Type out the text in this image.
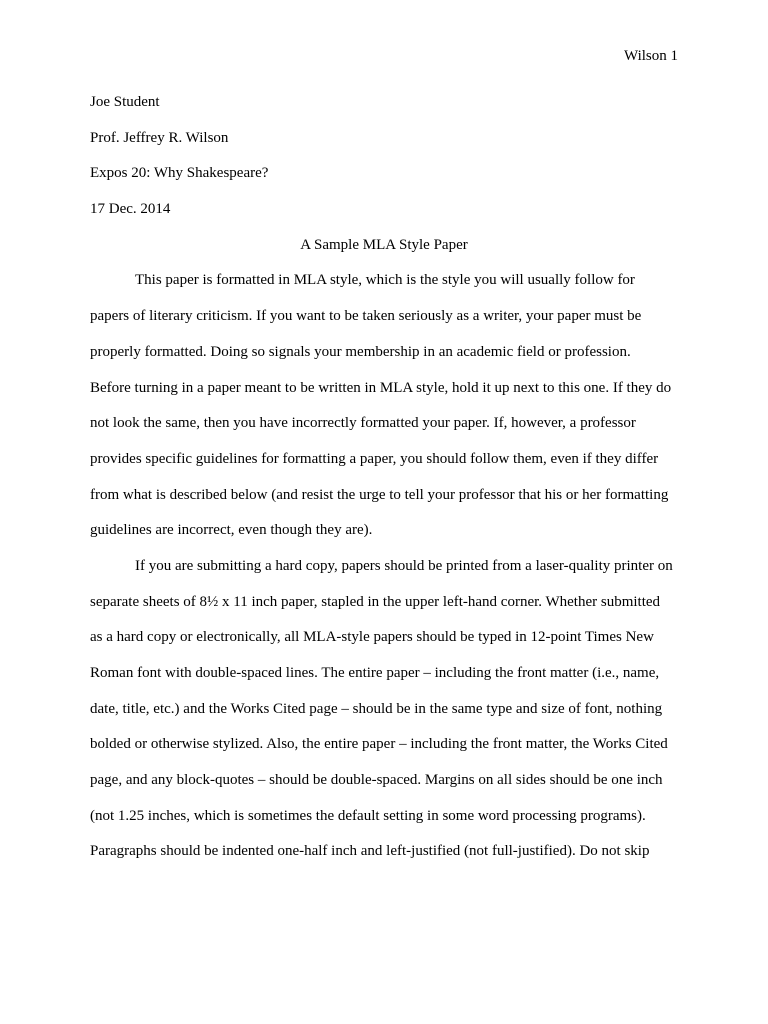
Wilson 1
Joe Student
Prof. Jeffrey R. Wilson
Expos 20: Why Shakespeare?
17 Dec. 2014
A Sample MLA Style Paper
This paper is formatted in MLA style, which is the style you will usually follow for
papers of literary criticism. If you want to be taken seriously as a writer, your paper must be
properly formatted. Doing so signals your membership in an academic field or profession.
Before turning in a paper meant to be written in MLA style, hold it up next to this one. If they do
not look the same, then you have incorrectly formatted your paper. If, however, a professor
provides specific guidelines for formatting a paper, you should follow them, even if they differ
from what is described below (and resist the urge to tell your professor that his or her formatting
guidelines are incorrect, even though they are).
If you are submitting a hard copy, papers should be printed from a laser-quality printer on
separate sheets of 8½ x 11 inch paper, stapled in the upper left-hand corner. Whether submitted
as a hard copy or electronically, all MLA-style papers should be typed in 12-point Times New
Roman font with double-spaced lines. The entire paper – including the front matter (i.e., name,
date, title, etc.) and the Works Cited page – should be in the same type and size of font, nothing
bolded or otherwise stylized. Also, the entire paper – including the front matter, the Works Cited
page, and any block-quotes – should be double-spaced. Margins on all sides should be one inch
(not 1.25 inches, which is sometimes the default setting in some word processing programs).
Paragraphs should be indented one-half inch and left-justified (not full-justified). Do not skip
